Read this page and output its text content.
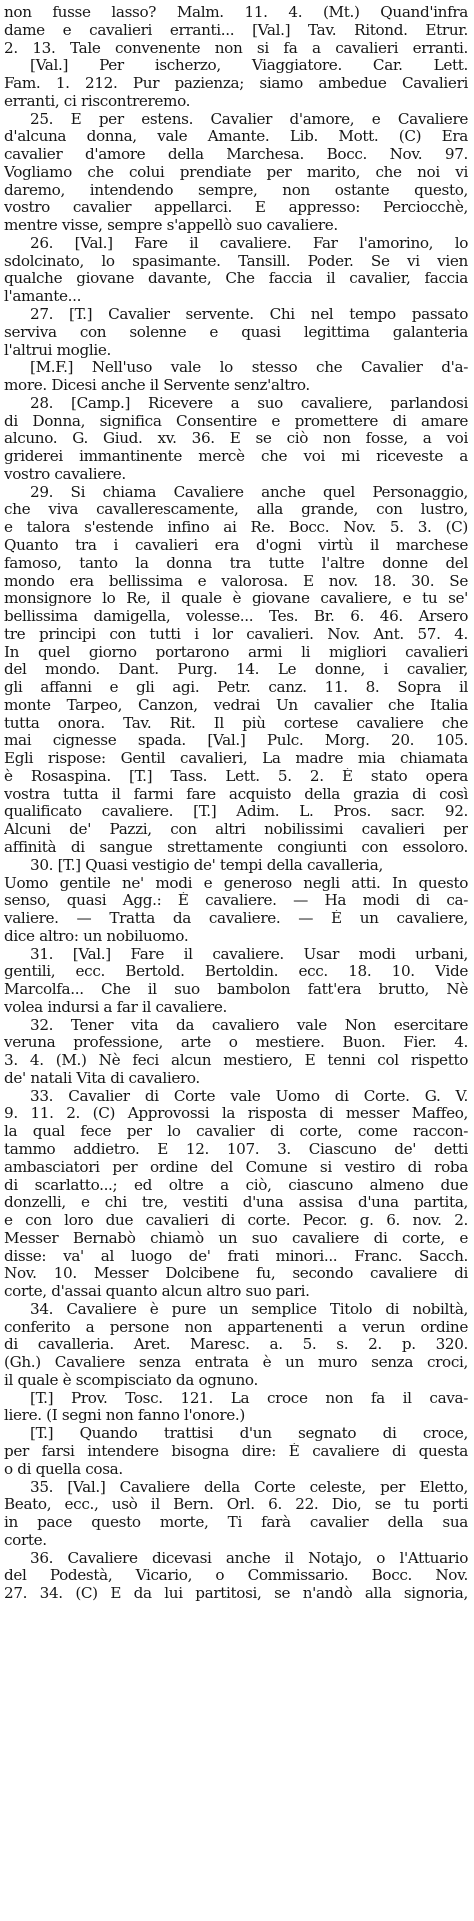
non fusse lasso? Malm. 11. 4. (Mt.) Quand'infra
dame e cavalieri erranti... [Val.] Tav. Ritond. Etrur.
2. 13. Tale convenente non si fa a cavalieri erranti.
[Val.] Per ischerzo, Viaggiatore. Car. Lett.
Fam. 1. 212. Pur pazienza; siamo ambedue Cavalieri
erranti, ci riscontreremo.
25. E per estens. Cavalier d'amore, e Cavaliere
d'alcuna donna, vale Amante. Lib. Mott. (C) Era
cavalier d'amore della Marchesa. Bocc. Nov. 97.
Vogliamo che colui prendiate per marito, che noi vi
daremo, intendendo sempre, non ostante questo,
vostro cavalier appellarci. E appresso: Perciocchè,
mentre visse, sempre s'appellò suo cavaliere.
26. [Val.] Fare il cavaliere. Far l'amorino, lo
sdolcinato, lo spasimante. Tansill. Poder. Se vi vien
qualche giovane davante, Che faccia il cavalier, faccia
l'amante...
27. [T.] Cavalier servente. Chi nel tempo passato
serviva con solenne e quasi legittima galanteria
l'altrui moglie.
[M.F.] Nell'uso vale lo stesso che Cavalier d'a-
more. Dicesi anche il Servente senz'altro.
28. [Camp.] Ricevere a suo cavaliere, parlandosi
di Donna, significa Consentire e promettere di amare
alcuno. G. Giud. xv. 36. E se ciò non fosse, a voi
griderei immantinente mercè che voi mi riceveste a
vostro cavaliere.
29. Si chiama Cavaliere anche quel Personaggio,
che viva cavallerescamente, alla grande, con lustro,
e talora s'estende infino ai Re. Bocc. Nov. 5. 3. (C)
Quanto tra i cavalieri era d'ogni virtù il marchese
famoso, tanto la donna tra tutte l'altre donne del
mondo era bellissima e valorosa. E nov. 18. 30. Se
monsignore lo Re, il quale è giovane cavaliere, e tu se'
bellissima damigella, volesse... Tes. Br. 6. 46. Arsero
tre principi con tutti i lor cavalieri. Nov. Ant. 57. 4.
In quel giorno portarono armi li migliori cavalieri
del mondo. Dant. Purg. 14. Le donne, i cavalier,
gli affanni e gli agi. Petr. canz. 11. 8. Sopra il
monte Tarpeo, Canzon, vedrai Un cavalier che Italia
tutta onora. Tav. Rit. Il più cortese cavaliere che
mai cignesse spada. [Val.] Pulc. Morg. 20. 105.
Egli rispose: Gentil cavalieri, La madre mia chiamata
è Rosaspina. [T.] Tass. Lett. 5. 2. È stato opera
vostra tutta il farmi fare acquisto della grazia di così
qualificato cavaliere. [T.] Adim. L. Pros. sacr. 92.
Alcuni de' Pazzi, con altri nobilissimi cavalieri per
affinità di sangue strettamente congiunti con essoloro.
30. [T.] Quasi vestigio de' tempi della cavalleria,
Uomo gentile ne' modi e generoso negli atti. In questo
senso, quasi Agg.: È cavaliere. — Ha modi di ca-
valiere. — Tratta da cavaliere. — È un cavaliere,
dice altro: un nobiluomo.
31. [Val.] Fare il cavaliere. Usar modi urbani,
gentili, ecc. Bertold. Bertoldin. ecc. 18. 10. Vide
Marcolfa... Che il suo bambolon fatt'era brutto, Nè
volea indursi a far il cavaliere.
32. Tener vita da cavaliero vale Non esercitare
veruna professione, arte o mestiere. Buon. Fier. 4.
3. 4. (M.) Nè feci alcun mestiero, E tenni col rispetto
de' natali Vita di cavaliero.
33. Cavalier di Corte vale Uomo di Corte. G. V.
9. 11. 2. (C) Approvossi la risposta di messer Maffeo,
la qual fece per lo cavalier di corte, come raccon-
tammo addietro. E 12. 107. 3. Ciascuno de' detti
ambasciatori per ordine del Comune si vestiro di roba
di scarlatto...; ed oltre a ciò, ciascuno almeno due
donzelli, e chi tre, vestiti d'una assisa d'una partita,
e con loro due cavalieri di corte. Pecor. g. 6. nov. 2.
Messer Bernabò chiamò un suo cavaliere di corte, e
disse: va' al luogo de' frati minori... Franc. Sacch.
Nov. 10. Messer Dolcibene fu, secondo cavaliere di
corte, d'assai quanto alcun altro suo pari.
34. Cavaliere è pure un semplice Titolo di nobiltà,
conferito a persone non appartenenti a verun ordine
di cavalleria. Aret. Maresc. a. 5. s. 2. p. 320.
(Gh.) Cavaliere senza entrata è un muro senza croci,
il quale è scompisciato da ognuno.
[T.] Prov. Tosc. 121. La croce non fa il cava-
liere. (I segni non fanno l'onore.)
[T.] Quando trattisi d'un segnato di croce,
per farsi intendere bisogna dire: È cavaliere di questa
o di quella cosa.
35. [Val.] Cavaliere della Corte celeste, per Eletto,
Beato, ecc., usò il Bern. Orl. 6. 22. Dio, se tu porti
in pace questo morte, Ti farà cavalier della sua
corte.
36. Cavaliere dicevasi anche il Notajo, o l'Attuario
del Podestà, Vicario, o Commissario. Bocc. Nov.
27. 34. (C) E da lui partitosi, se n'andò alla signoria,
